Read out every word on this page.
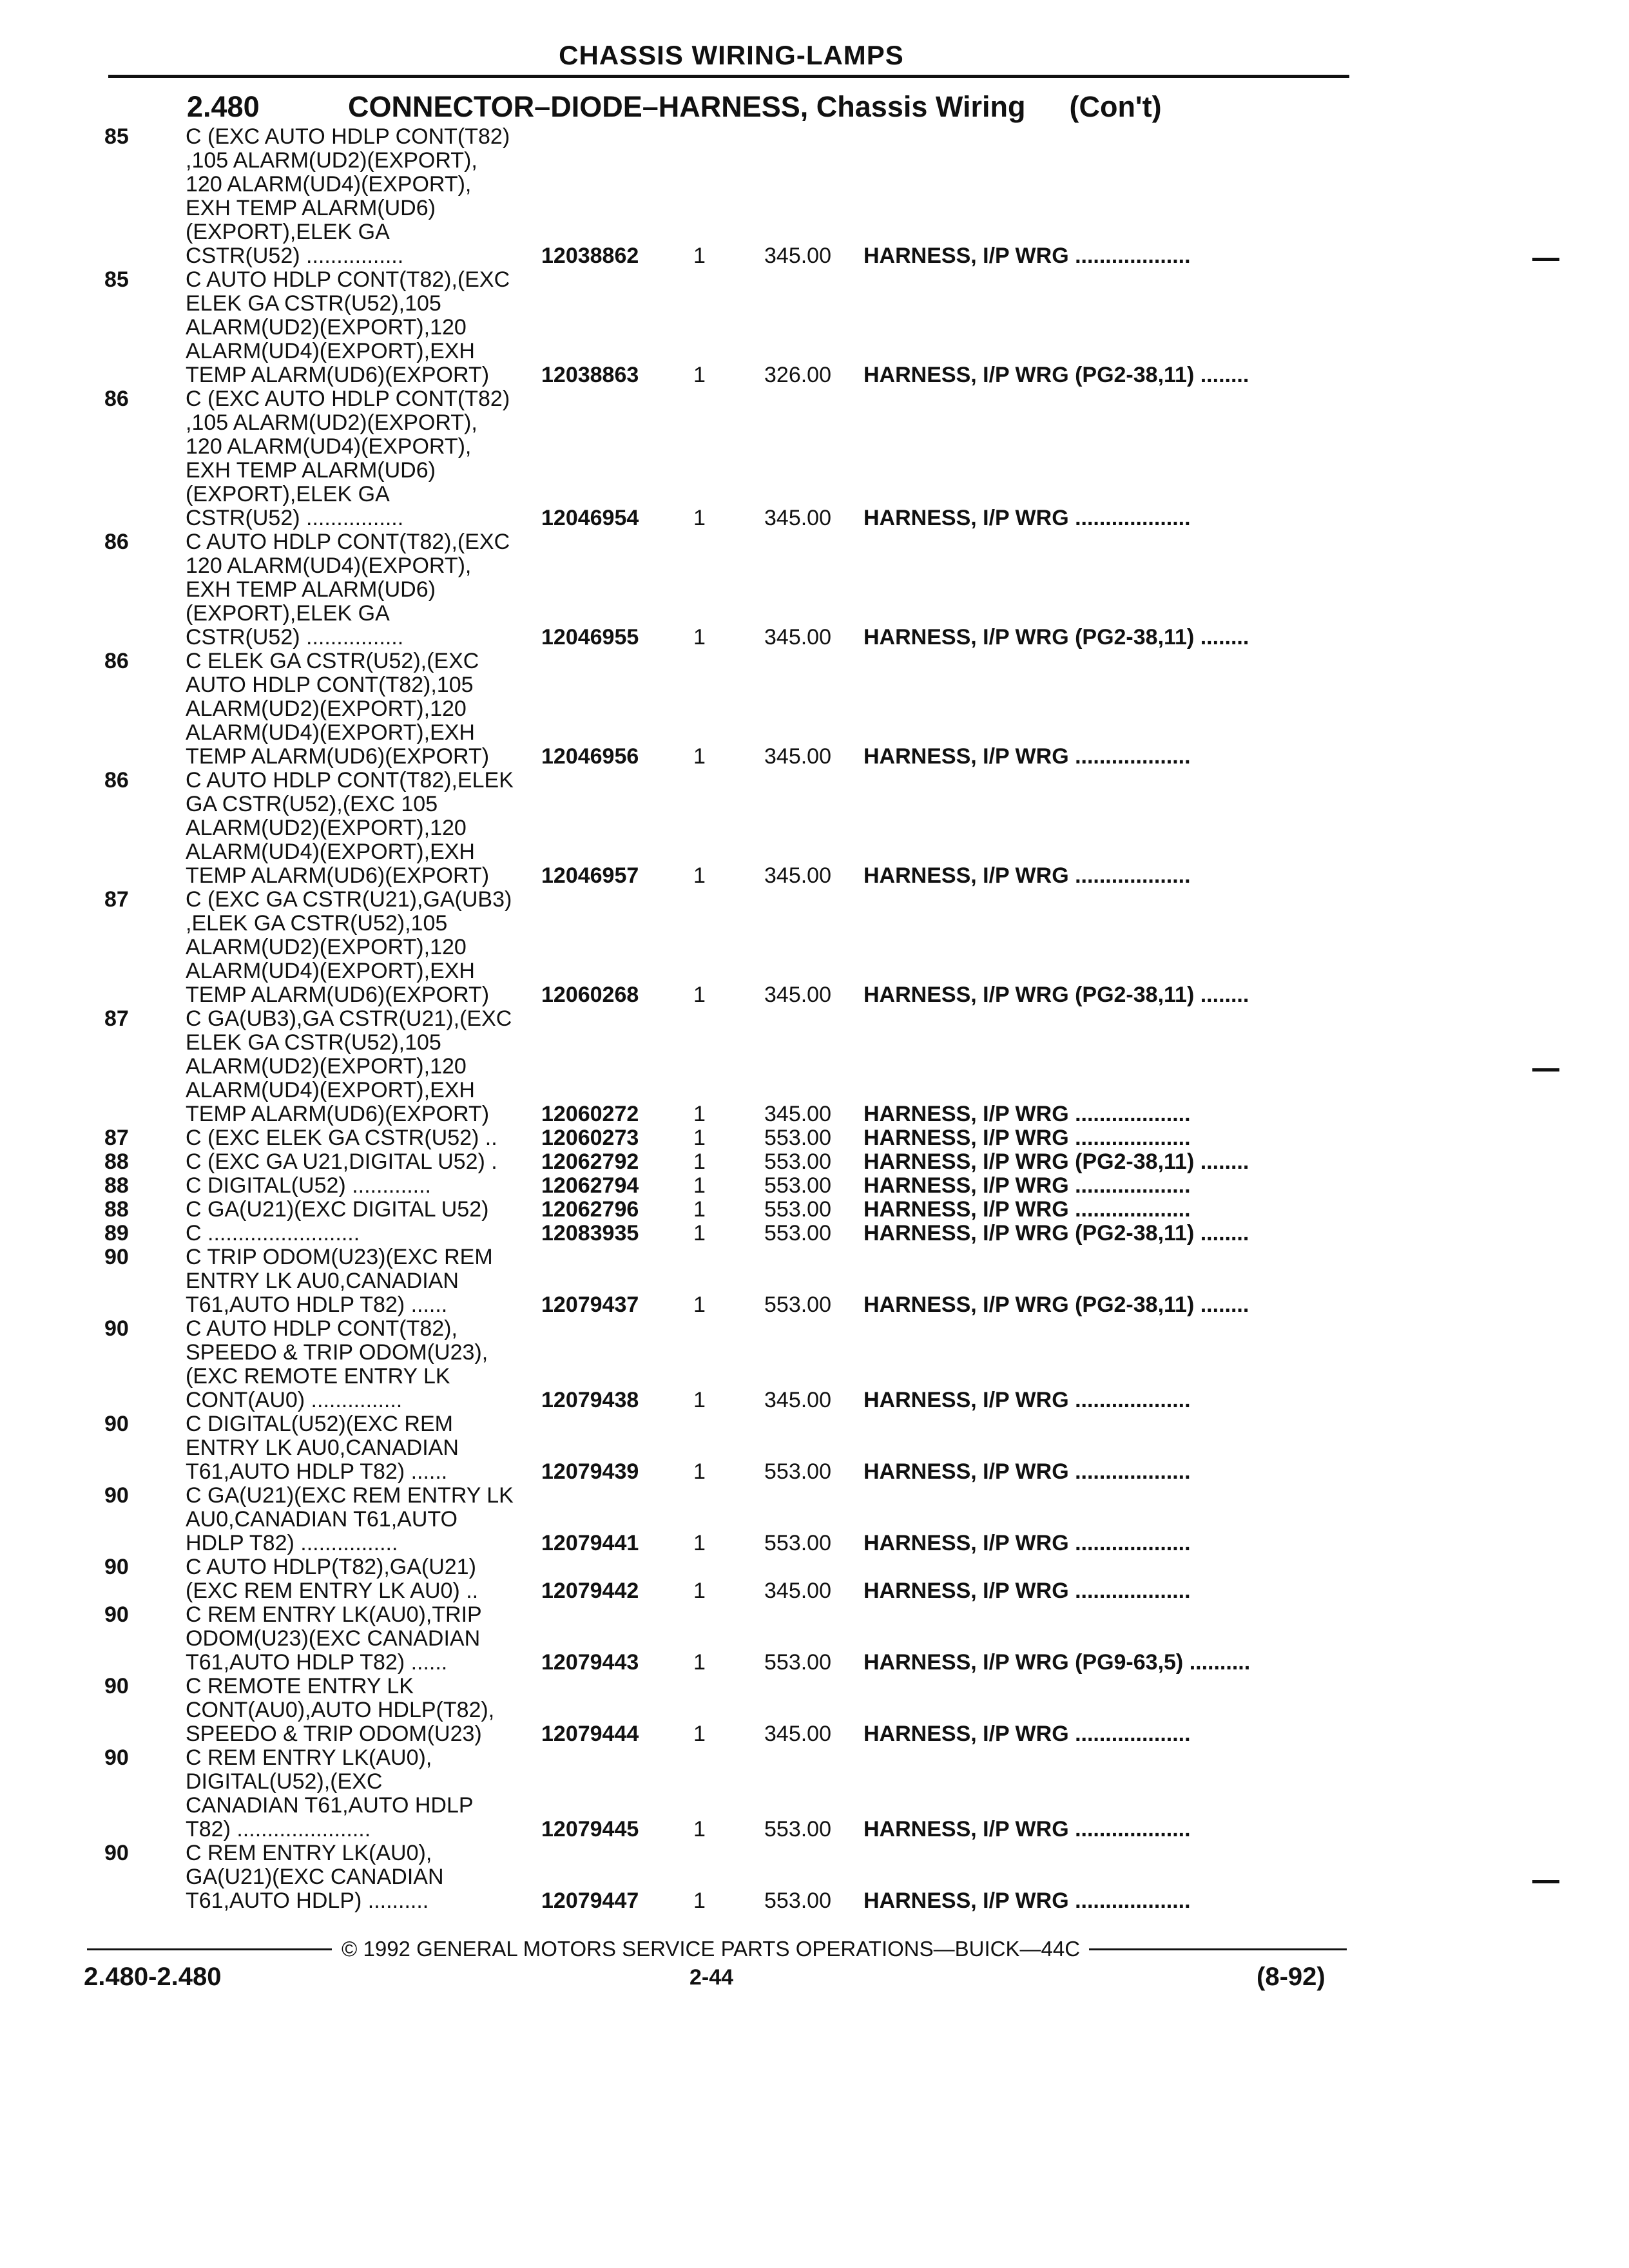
CHASSIS WIRING-LAMPS
2.480	CONNECTOR–DIODE–HARNESS, Chassis Wiring (Con't)
85	C (EXC AUTO HDLP CONT(T82)
,105 ALARM(UD2)(EXPORT),
120 ALARM(UD4)(EXPORT),
EXH TEMP ALARM(UD6)
(EXPORT),ELEK GA
CSTR(U52) ................	12038862 1	345.00 HARNESS, I/P WRG ...................
85	C AUTO HDLP CONT(T82),(EXC
ELEK GA CSTR(U52),105
ALARM(UD2)(EXPORT),120
ALARM(UD4)(EXPORT),EXH
TEMP ALARM(UD6)(EXPORT) 12038863 1	326.00 HARNESS, I/P WRG (PG2-38,11) ........
86	C (EXC AUTO HDLP CONT(T82)
,105 ALARM(UD2)(EXPORT),
120 ALARM(UD4)(EXPORT),
EXH TEMP ALARM(UD6)
(EXPORT),ELEK GA
CSTR(U52) ................	12046954 1	345.00 HARNESS, I/P WRG ...................
86	C AUTO HDLP CONT(T82),(EXC
120 ALARM(UD4)(EXPORT),
EXH TEMP ALARM(UD6)
(EXPORT),ELEK GA
CSTR(U52) ................	12046955 1	345.00 HARNESS, I/P WRG (PG2-38,11) ........
86	C ELEK GA CSTR(U52),(EXC
AUTO HDLP CONT(T82),105
ALARM(UD2)(EXPORT),120
ALARM(UD4)(EXPORT),EXH
TEMP ALARM(UD6)(EXPORT) 12046956 1	345.00 HARNESS, I/P WRG ...................
86	C AUTO HDLP CONT(T82),ELEK
GA CSTR(U52),(EXC 105
ALARM(UD2)(EXPORT),120
ALARM(UD4)(EXPORT),EXH
TEMP ALARM(UD6)(EXPORT) 12046957 1	345.00 HARNESS, I/P WRG ...................
87	C (EXC GA CSTR(U21),GA(UB3)
,ELEK GA CSTR(U52),105
ALARM(UD2)(EXPORT),120
ALARM(UD4)(EXPORT),EXH
TEMP ALARM(UD6)(EXPORT) 12060268 1	345.00 HARNESS, I/P WRG (PG2-38,11) ........
87	C GA(UB3),GA CSTR(U21),(EXC
ELEK GA CSTR(U52),105
ALARM(UD2)(EXPORT),120
ALARM(UD4)(EXPORT),EXH
TEMP ALARM(UD6)(EXPORT) 12060272 1	345.00 HARNESS, I/P WRG ...................
87	C (EXC ELEK GA CSTR(U52) .. 12060273 1	553.00 HARNESS, I/P WRG ...................
88	C (EXC GA U21,DIGITAL U52) . 12062792 1	553.00 HARNESS, I/P WRG (PG2-38,11) ........
88	C DIGITAL(U52) .............	12062794 1	553.00 HARNESS, I/P WRG ...................
88	C GA(U21)(EXC DIGITAL U52) 12062796 1	553.00 HARNESS, I/P WRG ...................
89	C .........................	12083935 1	553.00 HARNESS, I/P WRG (PG2-38,11) ........
90	C TRIP ODOM(U23)(EXC REM
ENTRY LK AU0,CANADIAN
T61,AUTO HDLP T82) ......	12079437 1	553.00 HARNESS, I/P WRG (PG2-38,11) ........
90	C AUTO HDLP CONT(T82),
SPEEDO & TRIP ODOM(U23),
(EXC REMOTE ENTRY LK
CONT(AU0) ...............	12079438 1	345.00 HARNESS, I/P WRG ...................
90	C DIGITAL(U52)(EXC REM
ENTRY LK AU0,CANADIAN
T61,AUTO HDLP T82) ......	12079439 1	553.00 HARNESS, I/P WRG ...................
90	C GA(U21)(EXC REM ENTRY LK
AU0,CANADIAN T61,AUTO
HDLP T82) ................	12079441 1	553.00 HARNESS, I/P WRG ...................
90	C AUTO HDLP(T82),GA(U21)
(EXC REM ENTRY LK AU0) ..	12079442 1	345.00 HARNESS, I/P WRG ...................
90	C REM ENTRY LK(AU0),TRIP
ODOM(U23)(EXC CANADIAN
T61,AUTO HDLP T82) ......	12079443 1	553.00 HARNESS, I/P WRG (PG9-63,5) ..........
90	C REMOTE ENTRY LK
CONT(AU0),AUTO HDLP(T82),
SPEEDO & TRIP ODOM(U23)	12079444 1	345.00 HARNESS, I/P WRG ...................
90	C REM ENTRY LK(AU0),
DIGITAL(U52),(EXC
CANADIAN T61,AUTO HDLP
T82) ......................	12079445 1	553.00 HARNESS, I/P WRG ...................
90	C REM ENTRY LK(AU0),
GA(U21)(EXC CANADIAN
T61,AUTO HDLP) ..........	12079447 1	553.00 HARNESS, I/P WRG ...................
© 1992 GENERAL MOTORS SERVICE PARTS OPERATIONS—BUICK—44C
2.480-2.480	2-44	(8-92)
